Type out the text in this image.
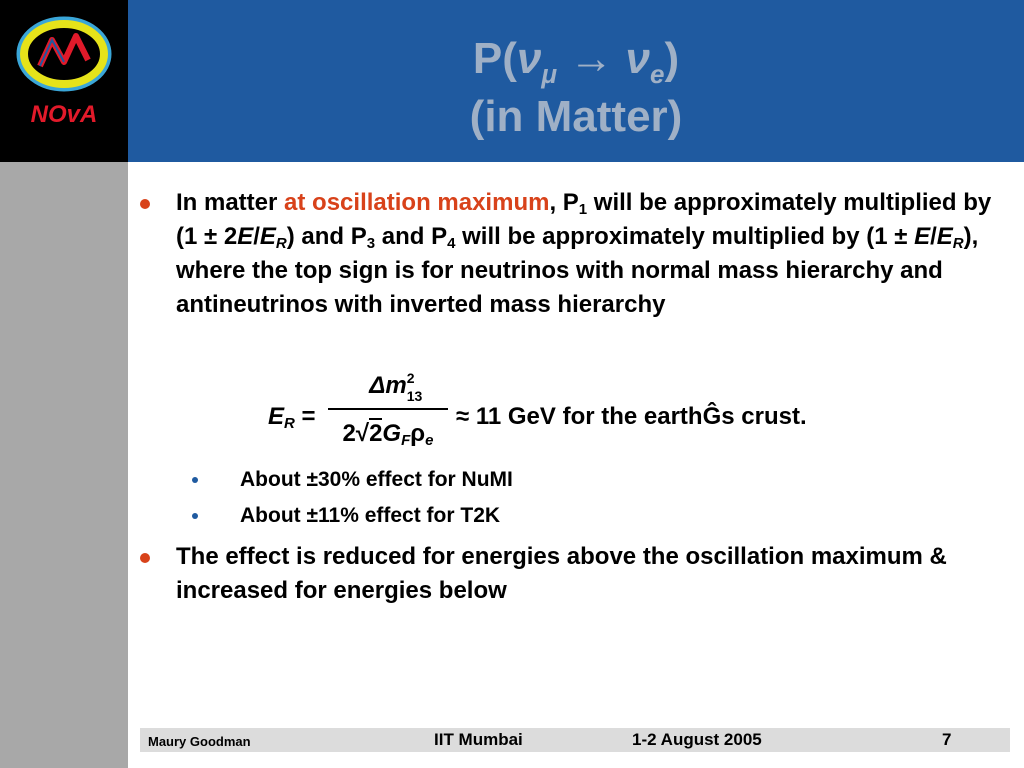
NOvA
$P(\nu_\mu \to \nu_e)$
(in Matter)
In matter at oscillation maximum, $P_1$ will be approximately multiplied by $(1 \pm 2E/E_R)$ and $P_3$ and $P_4$ will be approximately multiplied by $(1 \pm E/E_R)$, where the top sign is for neutrinos with normal mass hierarchy and antineutrinos with inverted mass hierarchy
$E_R$ =
Δm 2
13
$2√2G_F\rho_e$
≈ 11 GeV for the earthĜs crust.
About ±30% effect for NuMI
About ±11% effect for T2K
The effect is reduced for energies above the oscillation maximum & increased for energies below
Maury Goodman	IIT Mumbai	1-2 August 2005	7
